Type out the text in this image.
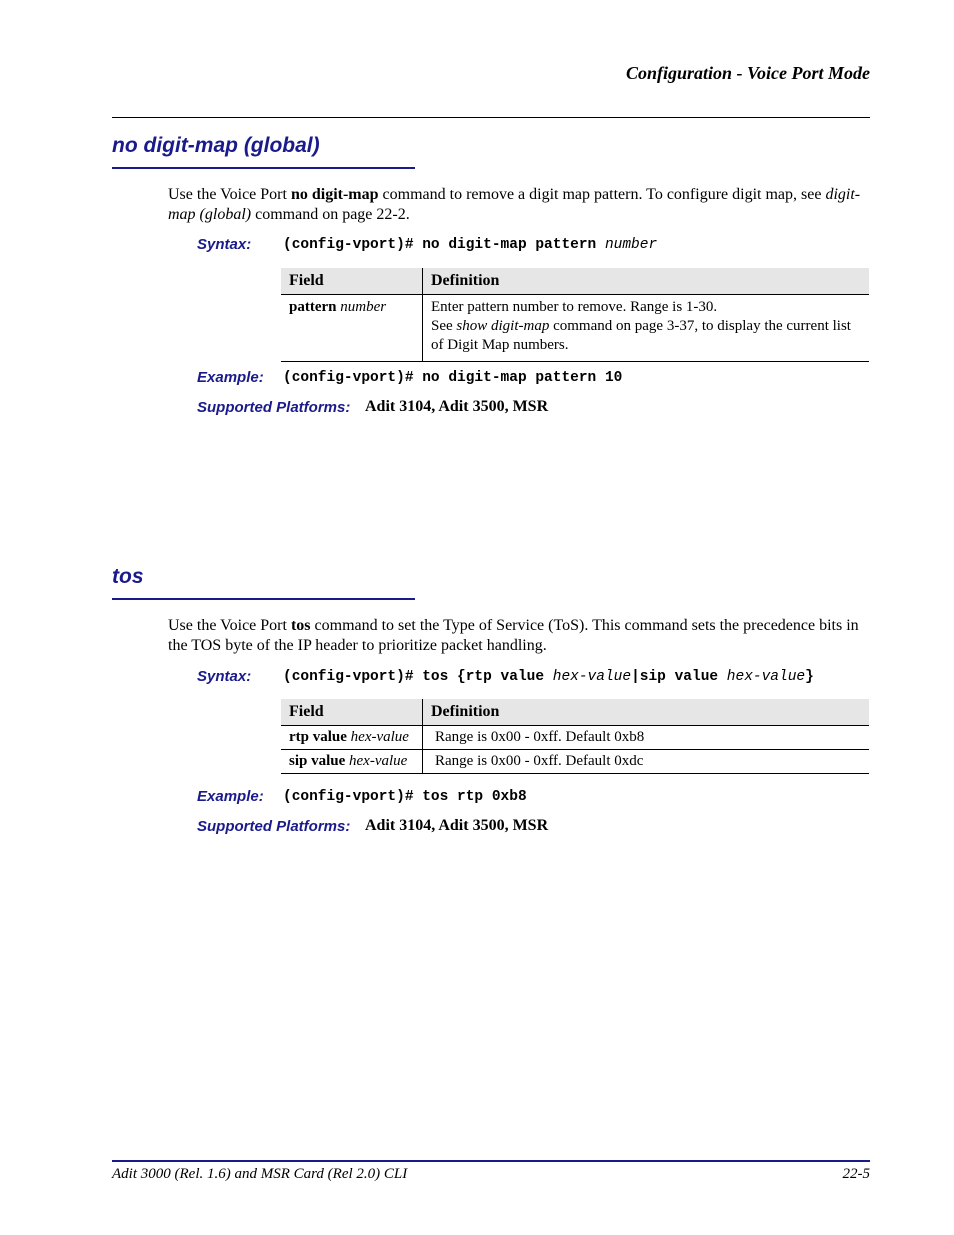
Configuration - Voice Port Mode
no digit-map (global)
Use the Voice Port no digit-map command to remove a digit map pattern. To configure digit map, see digit-map (global) command on page 22-2.
Syntax: (config-vport)# no digit-map pattern number
Field	Definition
pattern number	Enter pattern number to remove. Range is 1-30.
See show digit-map command on page 3-37, to display the current list of Digit Map numbers.
Example: (config-vport)# no digit-map pattern 10
Supported Platforms: Adit 3104, Adit 3500, MSR
tos
Use the Voice Port tos command to set the Type of Service (ToS). This command sets the precedence bits in the TOS byte of the IP header to prioritize packet handling.
Syntax: (config-vport)# tos {rtp value hex-value|sip value hex-value}
Field	Definition
rtp value hex-value	Range is 0x00 - 0xff. Default 0xb8
sip value hex-value	Range is 0x00 - 0xff. Default 0xdc
Example: (config-vport)# tos rtp 0xb8
Supported Platforms: Adit 3104, Adit 3500, MSR
Adit 3000 (Rel. 1.6) and MSR Card (Rel 2.0) CLI	22-5
